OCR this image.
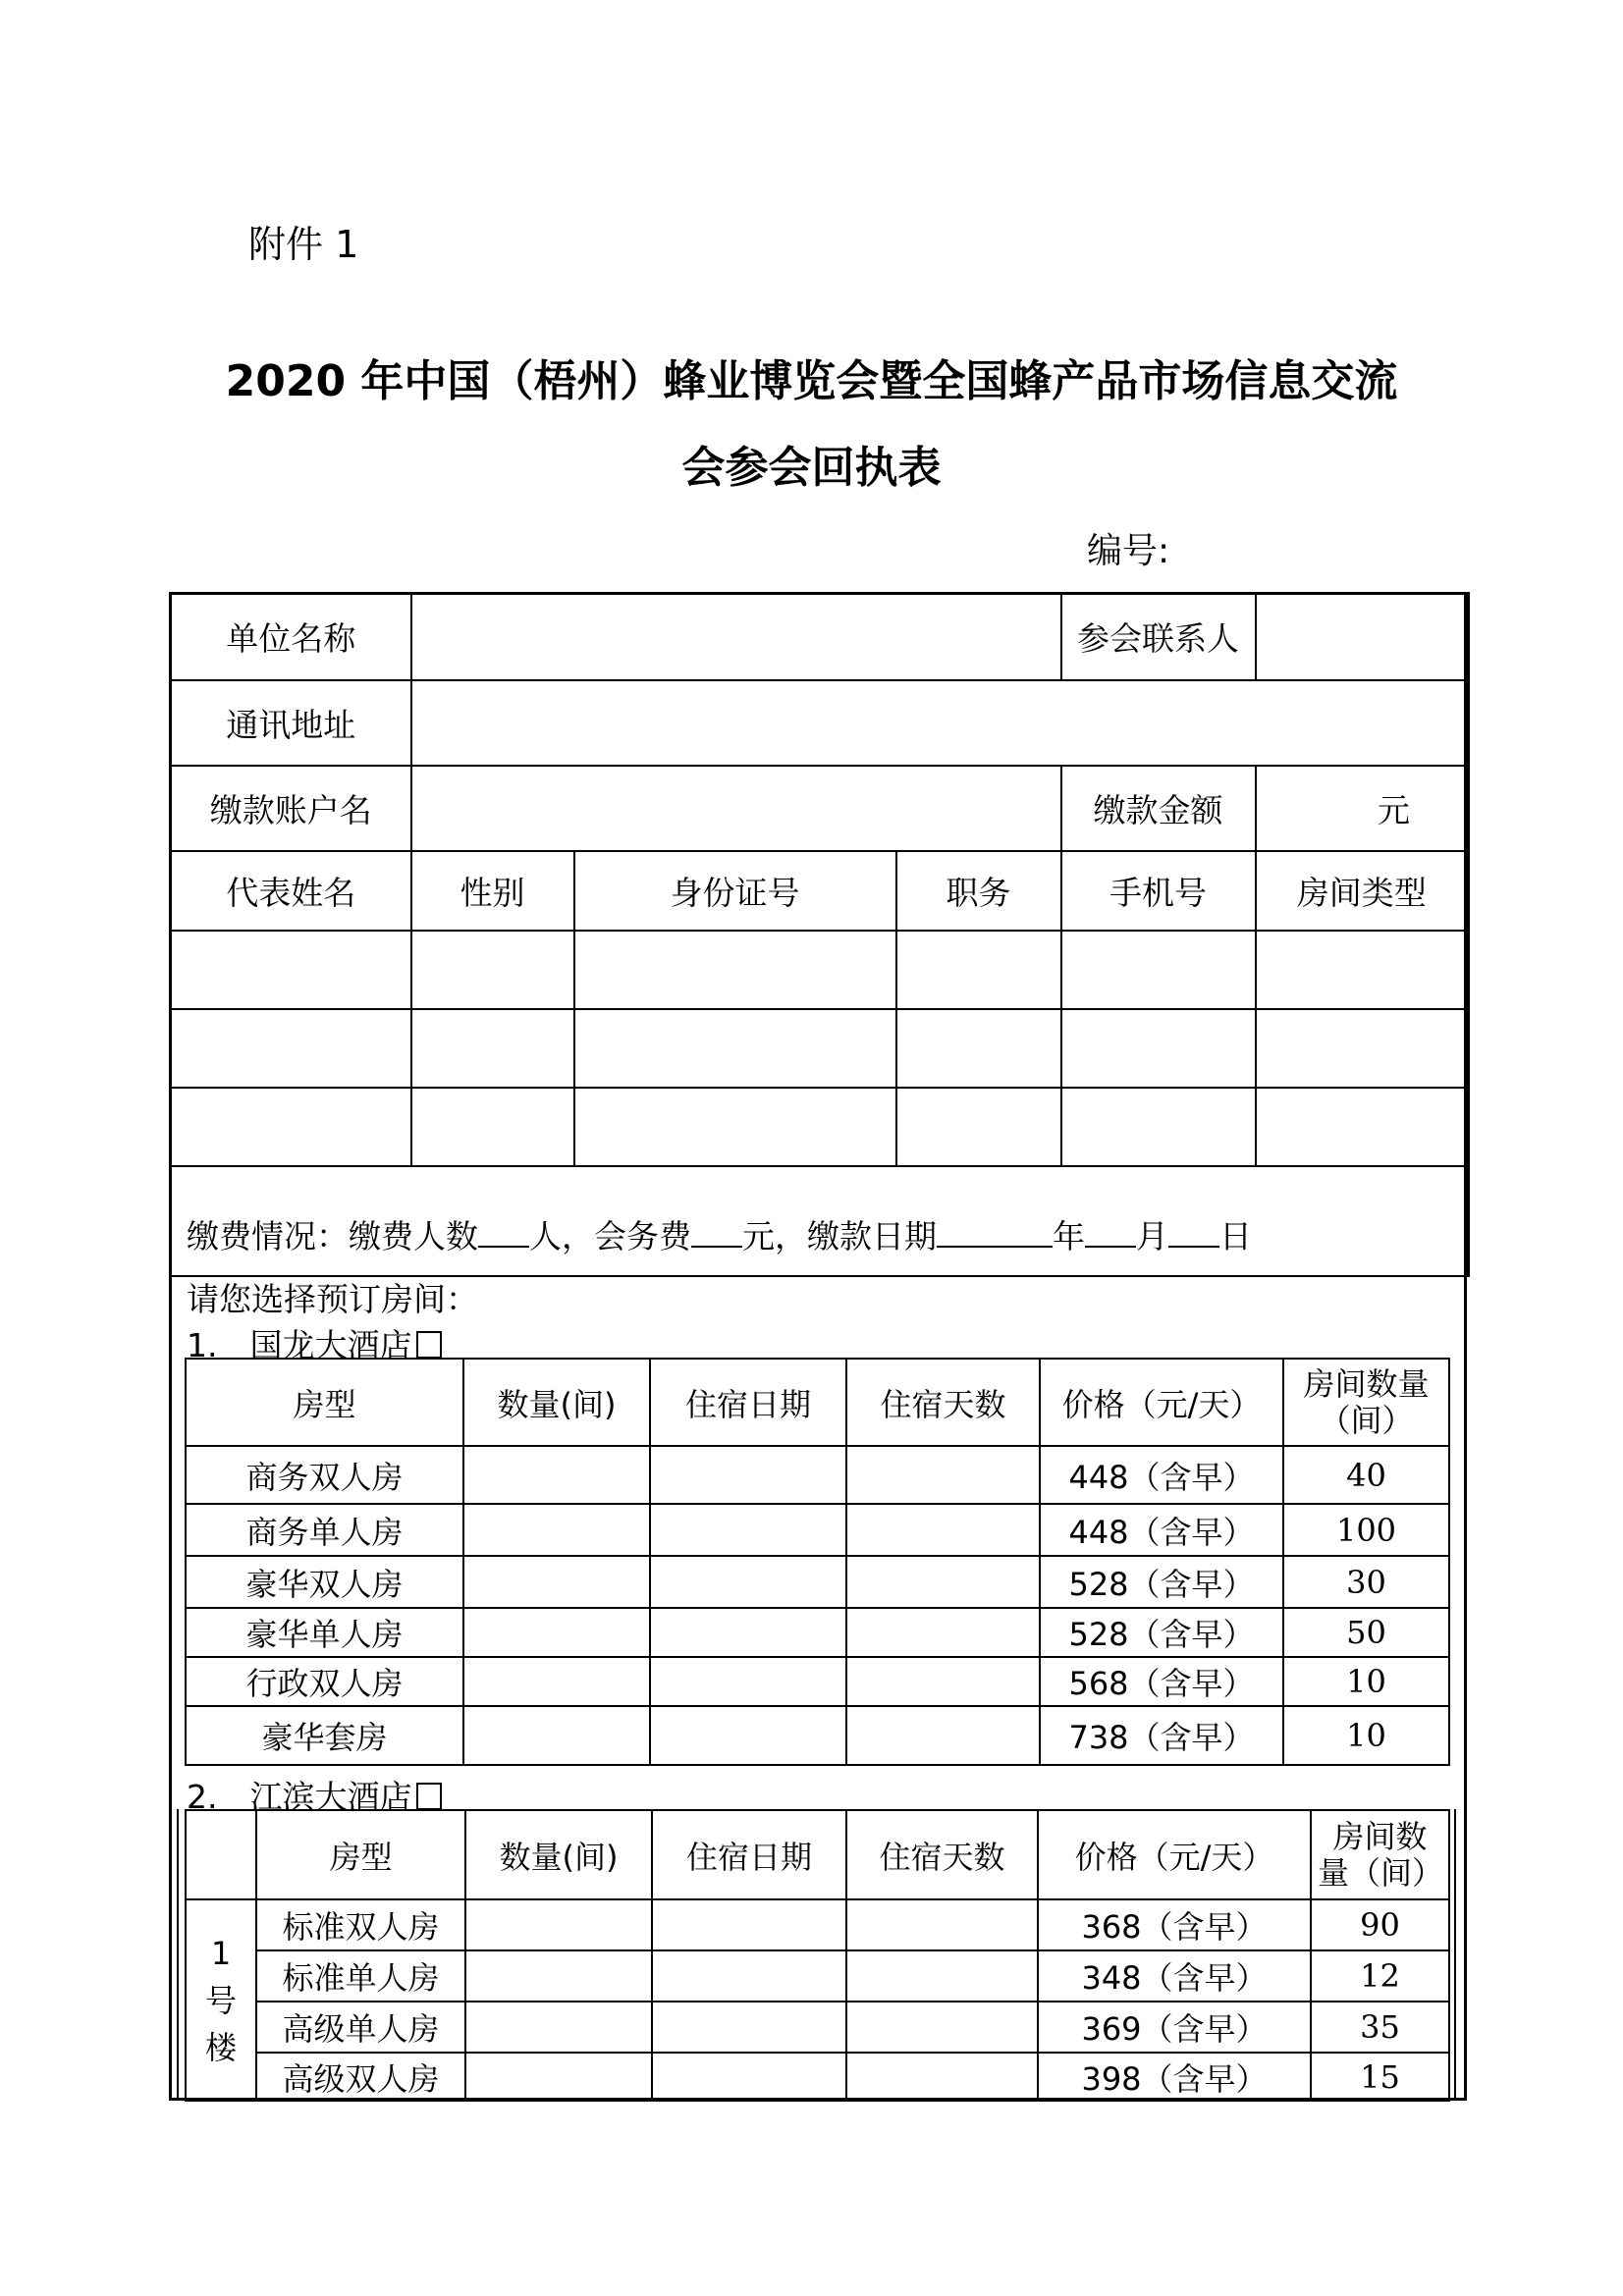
附件 1
2020 年中国（梧州）蜂业博览会暨全国蜂产品市场信息交流
会参会回执表
编号:
单位名称				参会联系人	
通讯地址					
缴款账户名				缴款金额	元
代表姓名	性别	身份证号	职务	手机号	房间类型

缴费情况：缴费人数 人，会务费 元，缴款日期	年 月 日
请您选择预订房间：
1.　国龙大酒店
房型	数量(间)	住宿日期	住宿天数	价格（元/天）	房间数量（间）
商务双人房				448（含早）	40
商务单人房				448（含早）	100
豪华双人房				528（含早）	30
豪华单人房				528（含早）	50
行政双人房				568（含早）	10
豪华套房				738（含早）	10
2.　江滨大酒店
	房型	数量(间)	住宿日期	住宿天数	价格（元/天）	房间数量（间）
1号楼	标准双人房				368（含早）	90
	标准单人房				348（含早）	12
	高级单人房				369（含早）	35
	高级双人房				398（含早）	15
